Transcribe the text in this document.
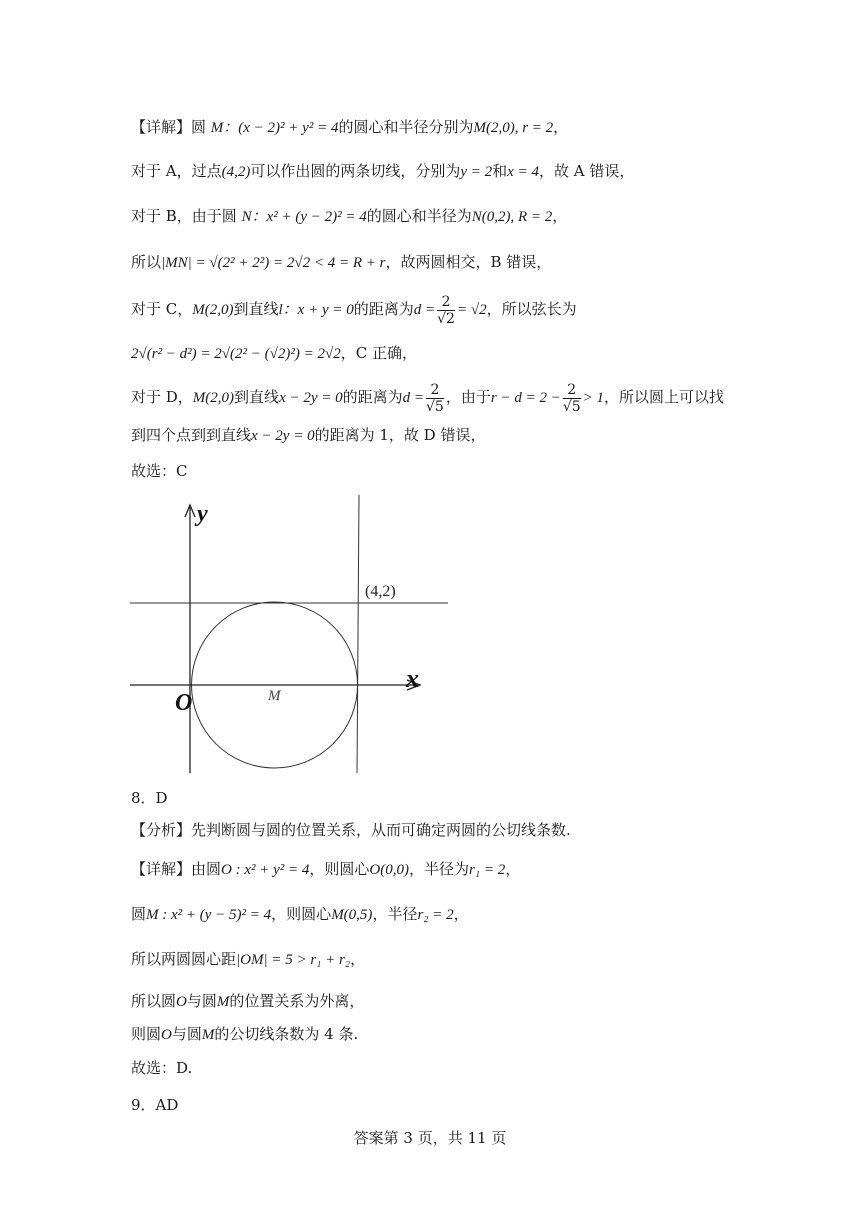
【详解】圆 M：(x − 2)² + y² = 4的圆心和半径分别为M(2,0), r = 2，
对于 A，过点(4,2)可以作出圆的两条切线，分别为y = 2和x = 4，故 A 错误，
对于 B，由于圆 N：x² + (y − 2)² = 4的圆心和半径为N(0,2), R = 2，
所以|MN| = √(2² + 2²) = 2√2 < 4 = R + r，故两圆相交，B 错误，
对于 C，M(2,0)到直线l：x + y = 0的距离为$d = \frac{2}{√2} = √2$，所以弦长为
2√(r² − d²) = 2√(2² − (√2)²) = 2√2，C 正确，
对于 D，M(2,0)到直线x − 2y = 0的距离为$d = \frac{2}{√5}$ ，由于$r - d = 2 - \frac{2}{√5} > 1$，所以圆上可以找
到四个点到到直线x − 2y = 0的距离为 1，故 D 错误，
故选：C
y
x
O	M
(4,2)
8．D
【分析】先判断圆与圆的位置关系，从而可确定两圆的公切线条数.
【详解】由圆O : x² + y² = 4，则圆心O(0,0)，半径为r₁ = 2，
圆M : x² + (y − 5)² = 4，则圆心M(0,5)，半径r₂ = 2，
所以两圆圆心距|OM| = 5 > r₁ + r₂，
所以圆O与圆M的位置关系为外离，
则圆O与圆M的公切线条数为 4 条.
故选：D.
9．AD
答案第 3 页，共 11 页
